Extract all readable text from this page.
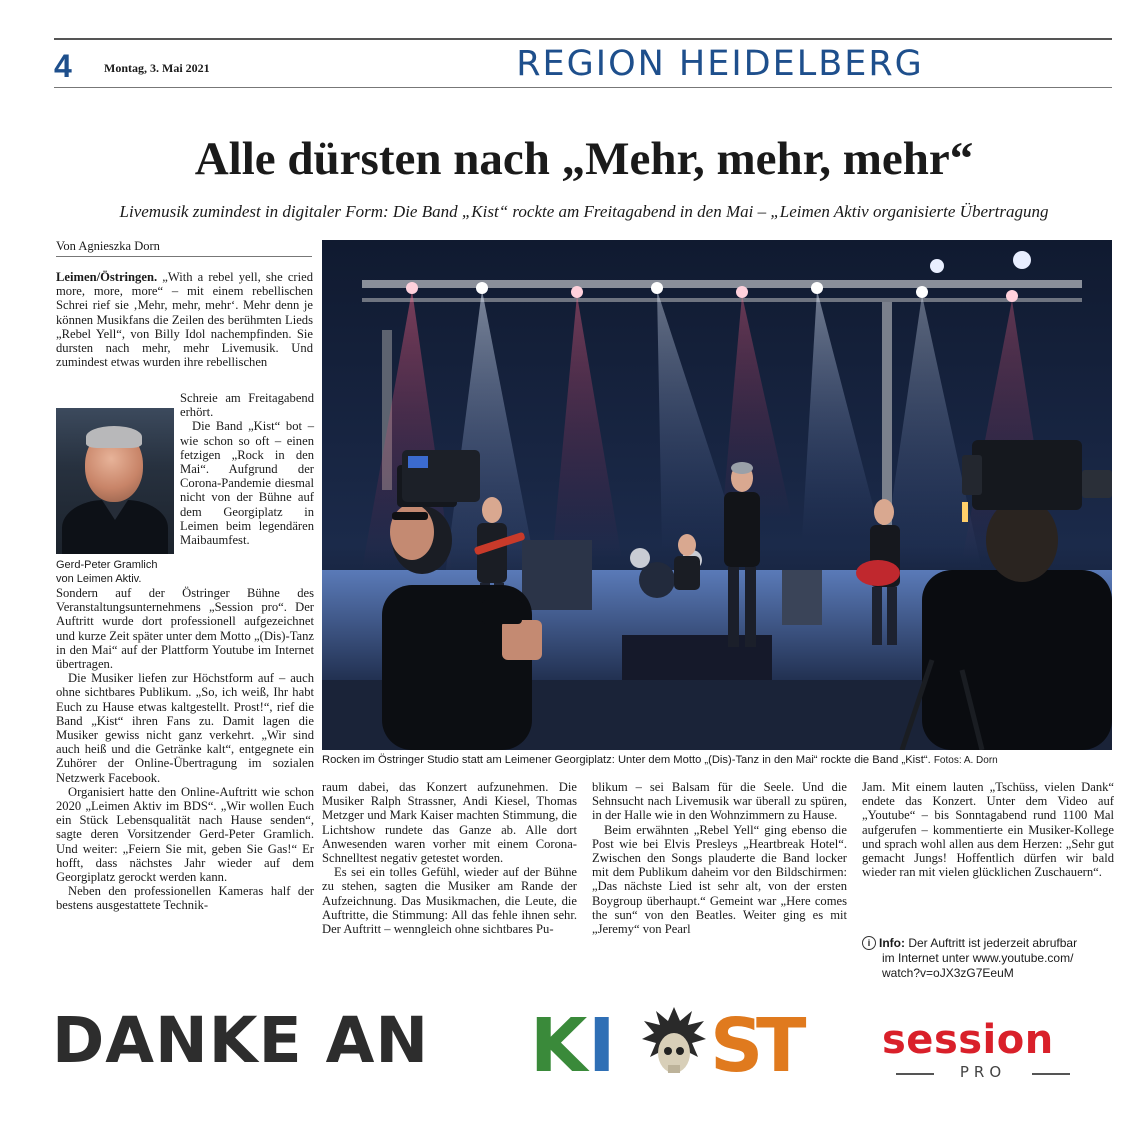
4	Montag, 3. Mai 2021	REGION HEIDELBERG
Alle dürsten nach „Mehr, mehr, mehr“
Livemusik zumindest in digitaler Form: Die Band „Kist“ rockte am Freitagabend in den Mai – „Leimen Aktiv organisierte Übertragung
Von Agnieszka Dorn

Leimen/Östringen. „With a rebel yell, she cried more, more, more“ – mit einem rebellischen Schrei rief sie ‚Mehr, mehr, mehr‘. Mehr denn je können Musikfans die Zeilen des berühmten Lieds „Rebel Yell“, von Billy Idol nachempfinden. Sie dursten nach mehr, mehr Livemusik. Und zumindest etwas wurden ihre rebellischen

Gerd-Peter Gramlich
von Leimen Aktiv.

Schreie am Freitagabend erhört.

Die Band „Kist“ bot – wie schon so oft – einen fetzigen „Rock in den Mai“. Aufgrund der Corona-Pandemie diesmal nicht von der Bühne auf dem Georgiplatz in Leimen beim legendären Maibaumfest.

Sondern auf der Östringer Bühne des Veranstaltungsunternehmens „Session pro“. Der Auftritt wurde dort professionell aufgezeichnet und kurze Zeit später unter dem Motto „(Dis)-Tanz in den Mai“ auf der Plattform Youtube im Internet übertragen.

Die Musiker liefen zur Höchstform auf – auch ohne sichtbares Publikum. „So, ich weiß, Ihr habt Euch zu Hause etwas kaltgestellt. Prost!“, rief die Band „Kist“ ihren Fans zu. Damit lagen die Musiker gewiss nicht ganz verkehrt. „Wir sind auch heiß und die Getränke kalt“, entgegnete ein Zuhörer der Online-Übertragung im sozialen Netzwerk Facebook.

Organisiert hatte den Online-Auftritt wie schon 2020 „Leimen Aktiv im BDS“. „Wir wollen Euch ein Stück Lebensqualität nach Hause senden“, sagte deren Vorsitzender Gerd-Peter Gramlich. Und weiter: „Feiern Sie mit, geben Sie Gas!“ Er hofft, dass nächstes Jahr wieder auf dem Georgiplatz gerockt werden kann.

Neben den professionellen Kameras half der bestens ausgestattete Technik-

Rocken im Östringer Studio statt am Leimener Georgiplatz: Unter dem Motto „(Dis)-Tanz in den Mai“ rockte die Band „Kist“. Fotos: A. Dorn

raum dabei, das Konzert aufzunehmen. Die Musiker Ralph Strassner, Andi Kiesel, Thomas Metzger und Mark Kaiser machten Stimmung, die Lichtshow rundete das Ganze ab. Alle dort Anwesenden waren vorher mit einem Corona-Schnelltest negativ getestet worden.

Es sei ein tolles Gefühl, wieder auf der Bühne zu stehen, sagten die Musiker am Rande der Aufzeichnung. Das Musikmachen, die Leute, die Auftritte, die Stimmung: All das fehle ihnen sehr. Der Auftritt – wenngleich ohne sichtbares Pu-

blikum – sei Balsam für die Seele. Und die Sehnsucht nach Livemusik war überall zu spüren, in der Halle wie in den Wohnzimmern zu Hause.

Beim erwähnten „Rebel Yell“ ging ebenso die Post wie bei Elvis Presleys „Heartbreak Hotel“. Zwischen den Songs plauderte die Band locker mit dem Publikum daheim vor den Bildschirmen: „Das nächste Lied ist sehr alt, von der ersten Boygroup überhaupt.“ Gemeint war „Here comes the sun“ von den Beatles. Weiter ging es mit „Jeremy“ von Pearl

Jam. Mit einem lauten „Tschüss, vielen Dank“ endete das Konzert. Unter dem Video auf „Youtube“ – bis Sonntagabend rund 1100 Mal aufgerufen – kommentierte ein Musiker-Kollege und sprach wohl allen aus dem Herzen: „Sehr gut gemacht Jungs! Hoffentlich dürfen wir bald wieder ran mit vielen glücklichen Zuschauern“.

i Info: Der Auftritt ist jederzeit abrufbar
im Internet unter www.youtube.com/
watch?v=oJX3zG7EeuM
DANKE AN K I S
T session
PRO
